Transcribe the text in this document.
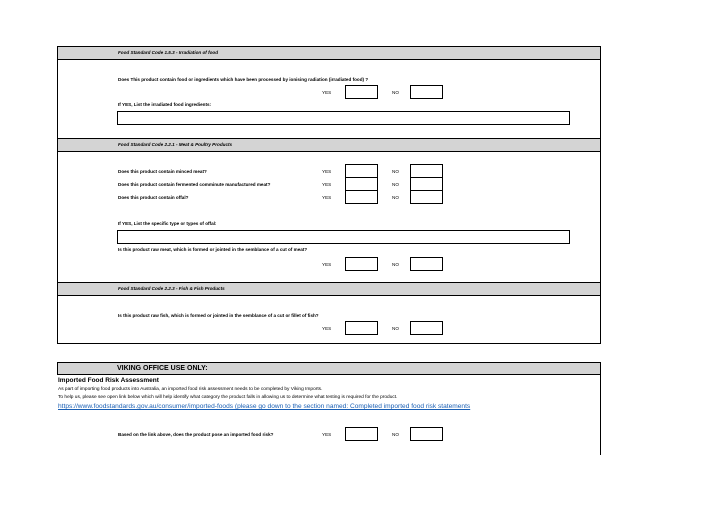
Food Standard Code 1.5.3 - Irradiation of food
Does This product contain food or ingredients which have been processed by ionising radiation (irradiated food) ?
YES	NO
If YES, List the irradiated food ingredients:
Food Standard Code 2.2.1 - Meat & Poultry Products
Does this product contain minced meat?	YES	NO
Does this product contain fermented comminute manufactured meat?	YES	NO
Does this product contain offal?	YES	NO
If YES, List the specific type or types of offal:
Is this product raw meat, which is formed or jointed in the semblance of a cut of meat?
YES	NO
Food Standard Code 2.2.3 - Fish & Fish Products
Is this product raw fish, which is formed or jointed in the semblance of a cut or fillet of fish?
YES	NO
VIKING OFFICE USE ONLY:
Imported Food Risk Assessment
As part of importing food products into Australia, an imported food risk assessment needs to be completed by Viking Imports.
To help us, please see open link below which will help identify what category the product falls in allowing us to determine what testing is required for the product.
https://www.foodstandards.gov.au/consumer/imported-foods (please go down to the section named: Completed imported food risk statements
Based on the link above, does the product pose an imported food risk?	YES	NO
